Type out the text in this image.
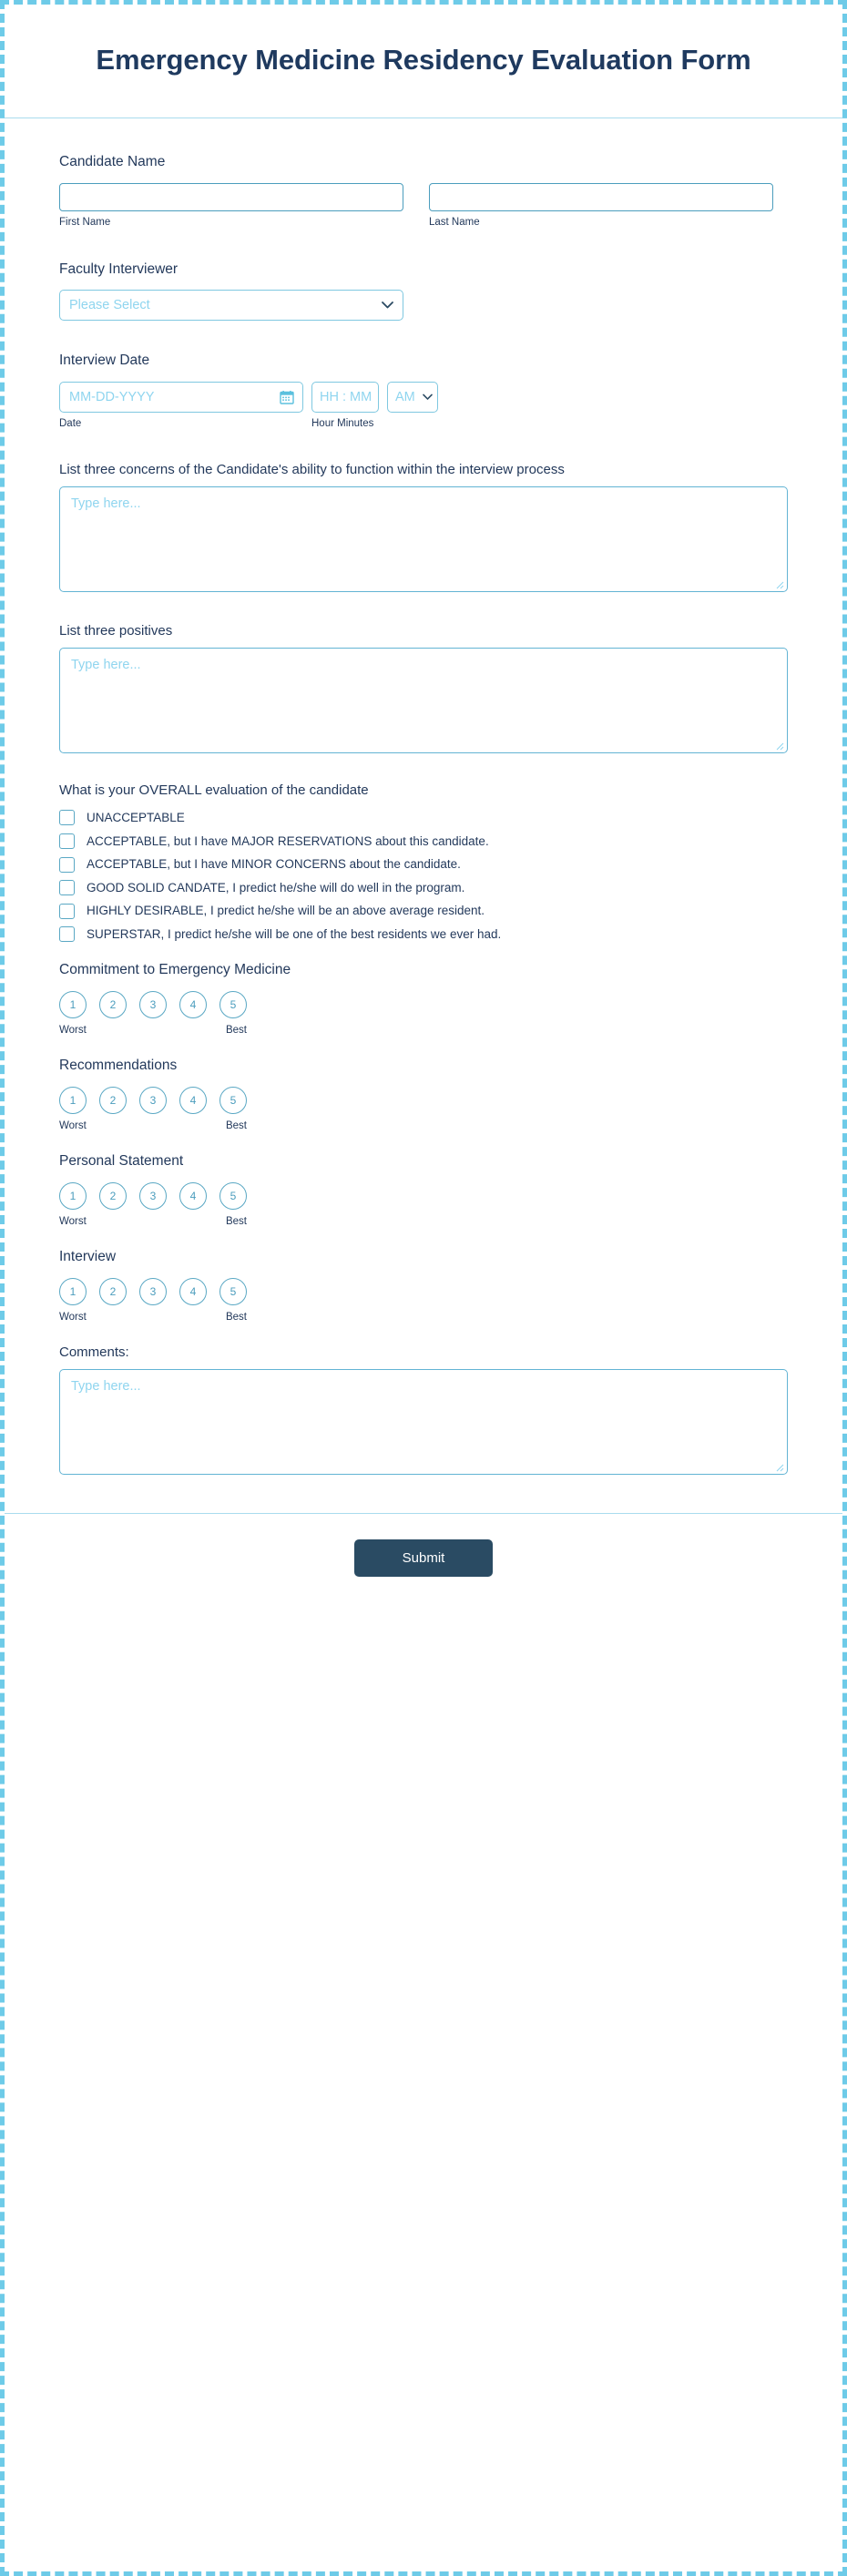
Emergency Medicine Residency Evaluation Form
Candidate Name
First Name	Last Name
Faculty Interviewer
Please Select
Interview Date
MM-DD-YYYY
HH : MM
AM
Date	Hour Minutes
List three concerns of the Candidate's ability to function within the interview process
Type here...
List three positives
Type here...
What is your OVERALL evaluation of the candidate
UNACCEPTABLE
ACCEPTABLE, but I have MAJOR RESERVATIONS about this candidate.
ACCEPTABLE, but I have MINOR CONCERNS about the candidate.
GOOD SOLID CANDATE, I predict he/she will do well in the program.
HIGHLY DESIRABLE, I predict he/she will be an above average resident.
SUPERSTAR, I predict he/she will be one of the best residents we ever had.
Commitment to Emergency Medicine
1	2	3	4	5
Worst	Best
Recommendations
1	2	3	4	5
Worst	Best
Personal Statement
1	2	3	4	5
Worst	Best
Interview
1	2	3	4	5
Worst	Best
Comments:
Type here...
Submit
